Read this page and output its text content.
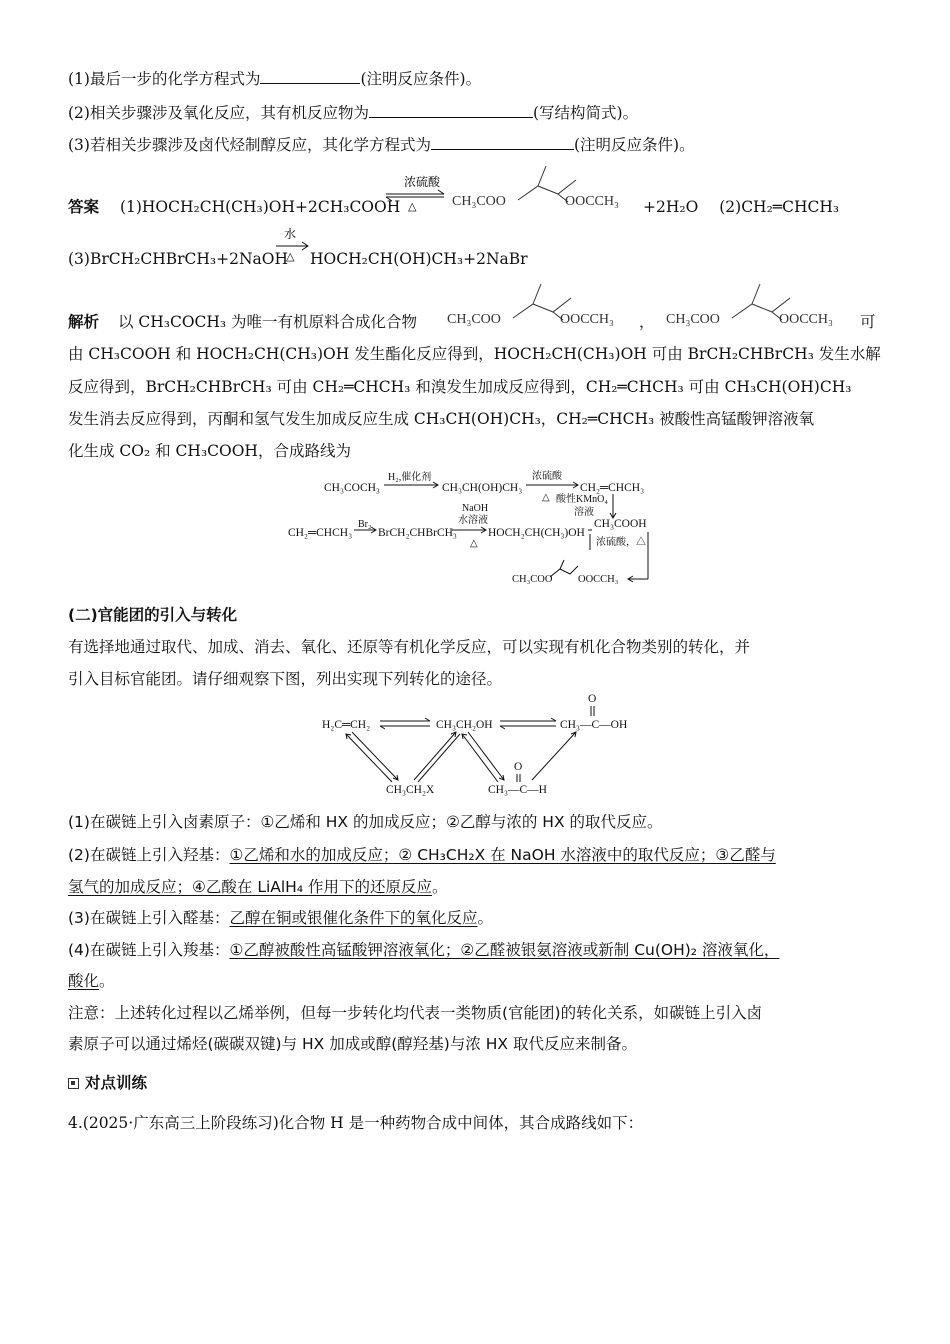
(1)最后一步的化学方程式为	(注明反应条件)。
(2)相关步骤涉及氧化反应，其有机反应物为	(写结构简式)。
(3)若相关步骤涉及卤代烃制醇反应，其化学方程式为	(注明反应条件)。
答案 (1)HOCH₂CH(CH₃)OH+2CH₃COOH
浓硫酸
△	CH₃COO	OOCCH₃ +2H₂O (2)CH₂═CHCH₃
(3)BrCH₂CHBrCH₃+2NaOH
水
△ HOCH₂CH(OH)CH₃+2NaBr
解析 以 CH₃COCH₃ 为唯一有机原料合成化合物 CH₃COO	OOCCH₃ ， CH₃COO	OOCCH₃ 可
由 CH₃COOH 和 HOCH₂CH(CH₃)OH 发生酯化反应得到，HOCH₂CH(CH₃)OH 可由 BrCH₂CHBrCH₃ 发生水解
反应得到，BrCH₂CHBrCH₃ 可由 CH₂═CHCH₃ 和溴发生加成反应得到，CH₂═CHCH₃ 可由 CH₃CH(OH)CH₃
发生消去反应得到，丙酮和氢气发生加成反应生成 CH₃CH(OH)CH₃，CH₂═CHCH₃ 被酸性高锰酸钾溶液氧
化生成 CO₂ 和 CH₃COOH，合成路线为
CH₃COCH₃
H₂,催化剂
CH₃CH(OH)CH₃
浓硫酸
△
CH₂═CHCH₃
酸性KMnO₄
溶液
CH₂═CHCH₃
Br₂
BrCH₂CHBrCH₃
NaOH
水溶液
△
HOCH₂CH(CH₃)OH
CH₃COOH
浓硫酸，△
OOCCH₃
CH₃COO
(二)官能团的引入与转化
有选择地通过取代、加成、消去、氧化、还原等有机化学反应，可以实现有机化合物类别的转化，并
引入目标官能团。请仔细观察下图，列出实现下列转化的途径。
H₂C═CH₂	CH₃CH₂OH	CH₃—C—OH
O
CH₃CH₂X	CH₃—C—H
O
(1)在碳链上引入卤素原子：①乙烯和 HX 的加成反应；②乙醇与浓的 HX 的取代反应。
(2)在碳链上引入羟基：①乙烯和水的加成反应；② CH₃CH₂X 在 NaOH 水溶液中的取代反应；③乙醛与
氢气的加成反应；④乙酸在 LiAlH₄ 作用下的还原反应。
(3)在碳链上引入醛基：乙醇在铜或银催化条件下的氧化反应。
(4)在碳链上引入羧基：①乙醇被酸性高锰酸钾溶液氧化；②乙醛被银氨溶液或新制 Cu(OH)₂ 溶液氧化，
酸化。
注意：上述转化过程以乙烯举例，但每一步转化均代表一类物质(官能团)的转化关系，如碳链上引入卤
素原子可以通过烯烃(碳碳双键)与 HX 加成或醇(醇羟基)与浓 HX 取代反应来制备。
对点训练
4.(2025·广东高三上阶段练习)化合物 H 是一种药物合成中间体，其合成路线如下：
